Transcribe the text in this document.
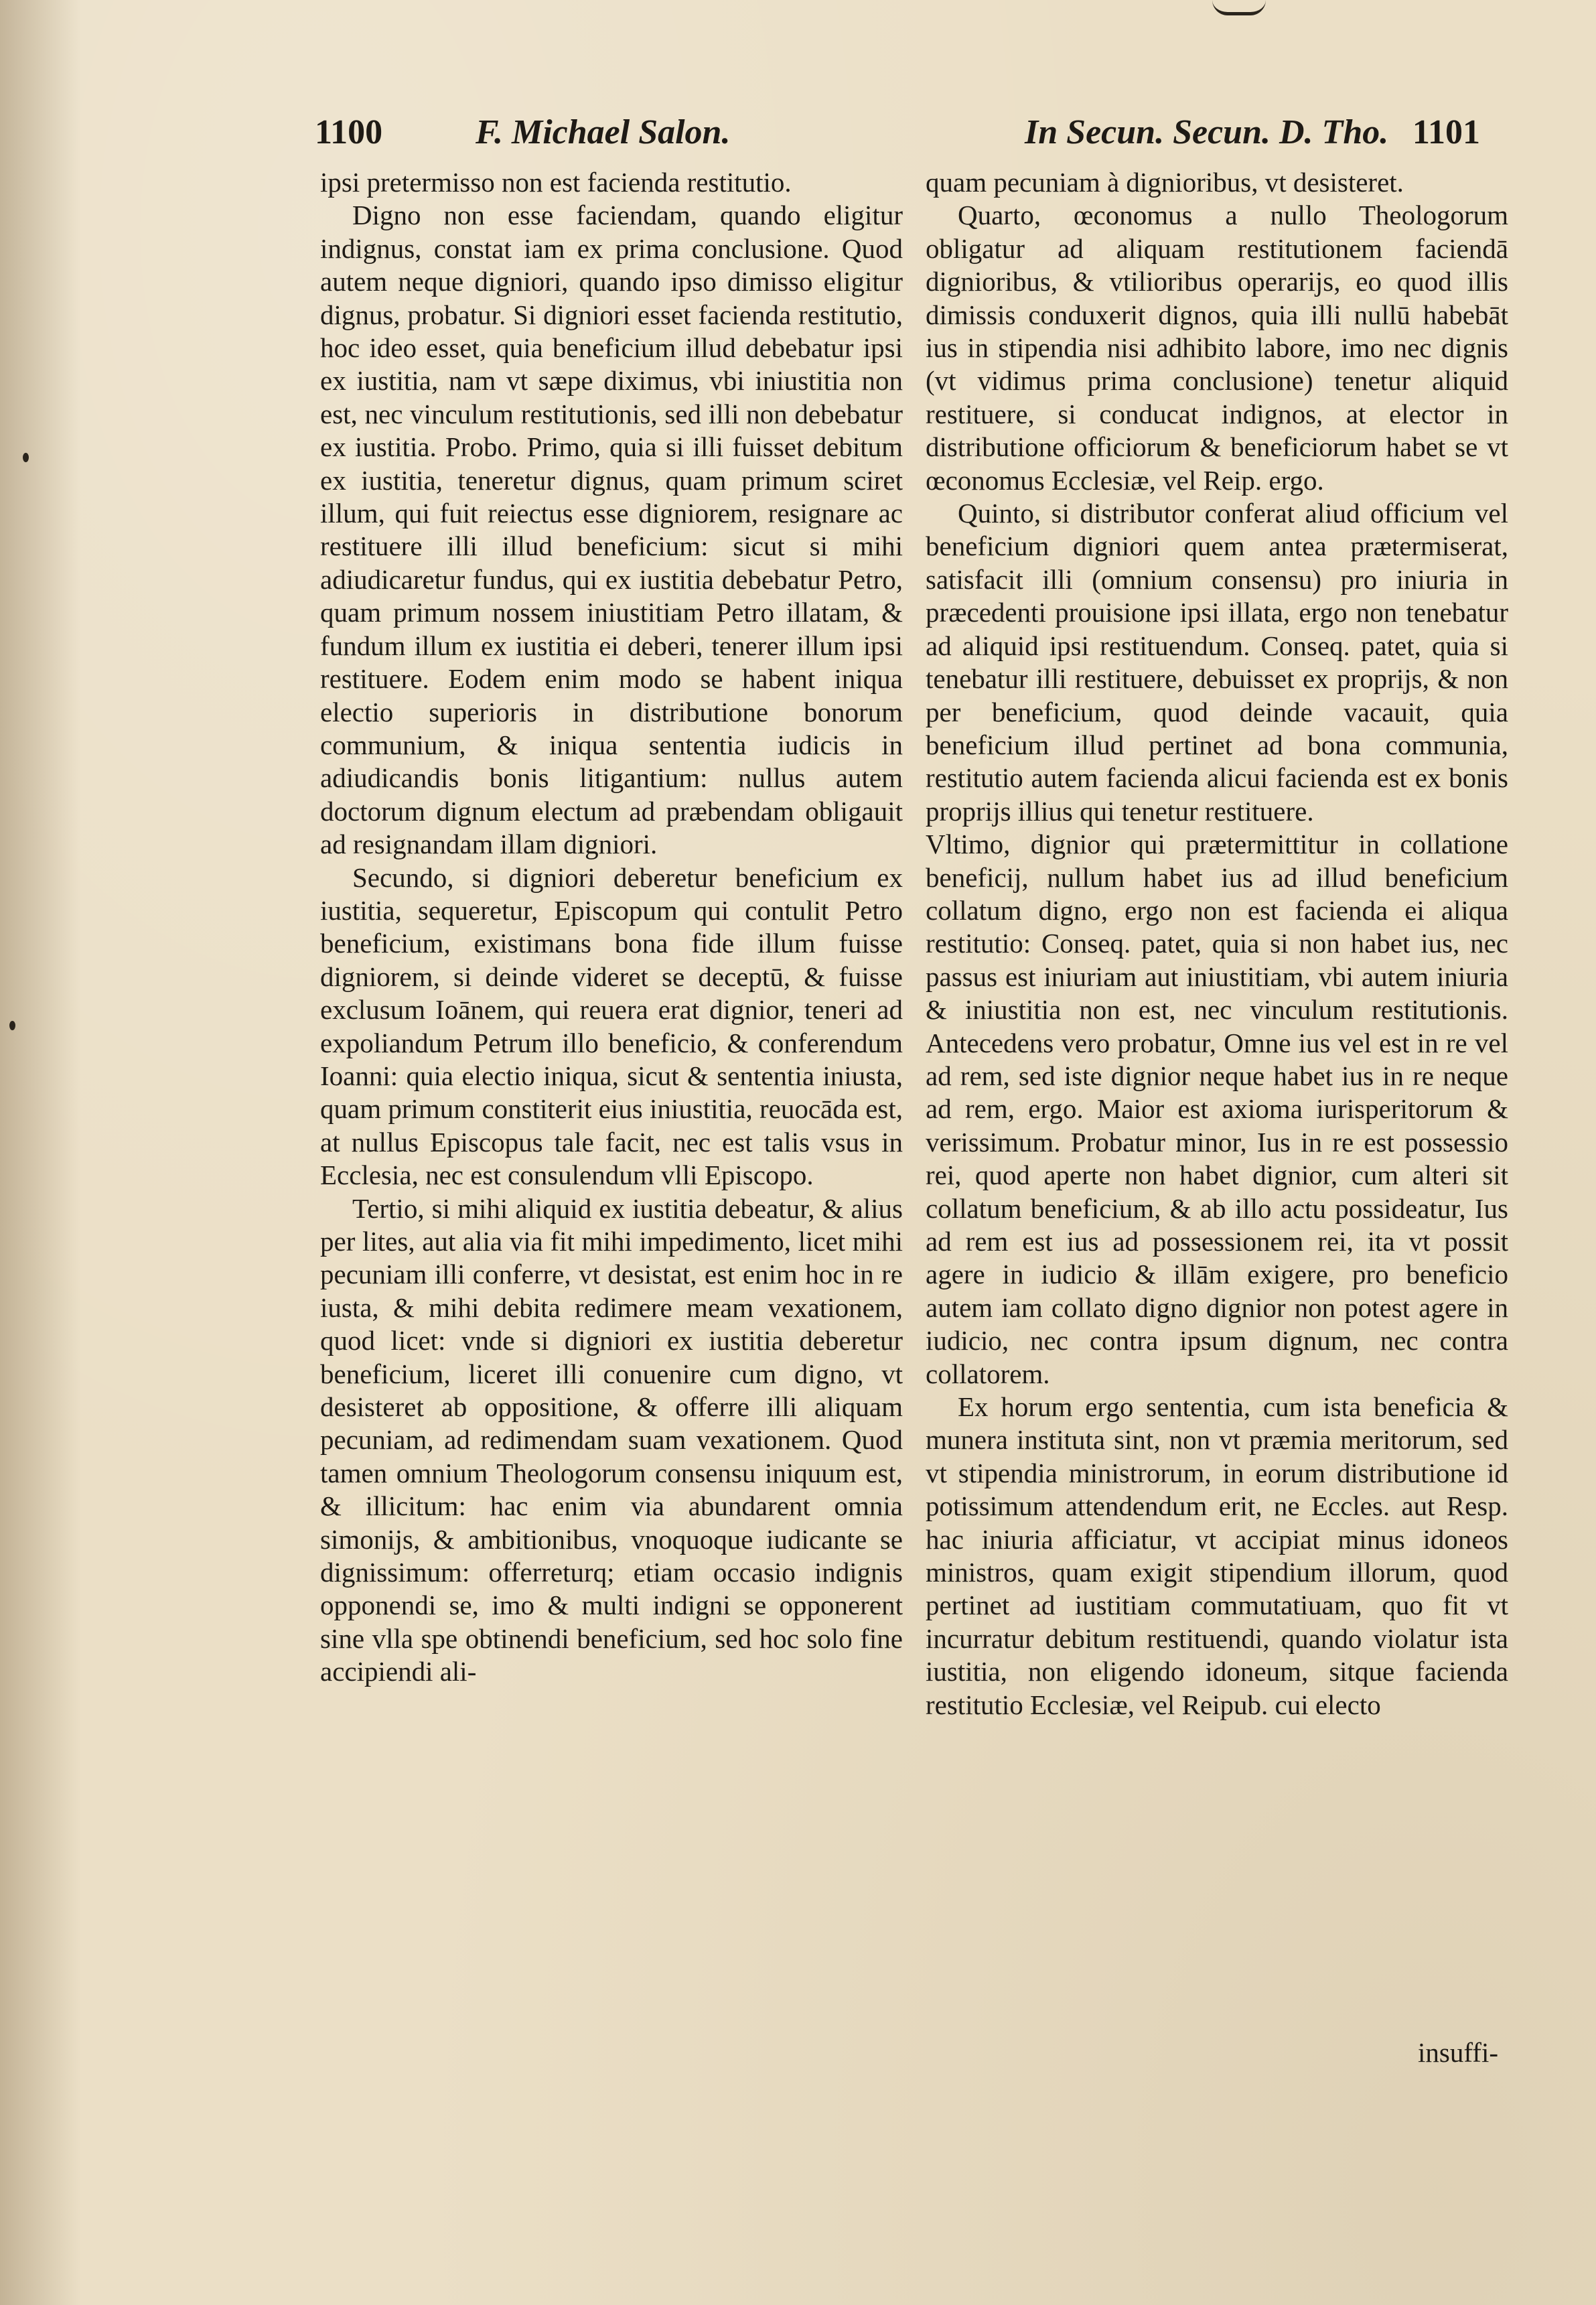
1100	F. Michael Salon.	In Secun. Secun. D. Tho. 1101

ipsi pretermisso non est facienda restitutio.

Digno non esse faciendam, quando eligitur indignus, constat iam ex prima conclusione. Quod autem neque digniori, quando ipso dimisso eligitur dignus, probatur. Si digniori esset facienda restitutio, hoc ideo esset, quia beneficium illud debebatur ipsi ex iustitia, nam vt sæpe diximus, vbi iniustitia non est, nec vinculum restitutionis, sed illi non debebatur ex iustitia. Probo. Primo, quia si illi fuisset debitum ex iustitia, teneretur dignus, quam primum sciret illum, qui fuit reiectus esse digniorem, resignare ac restituere illi illud beneficium: sicut si mihi adiudicaretur fundus, qui ex iustitia debebatur Petro, quam primum nossem iniustitiam Petro illatam, & fundum illum ex iustitia ei deberi, tenerer illum ipsi restituere. Eodem enim modo se habent iniqua electio superioris in distributione bonorum communium, & iniqua sententia iudicis in adiudicandis bonis litigantium: nullus autem doctorum dignum electum ad præbendam obligauit ad resignandam illam digniori.

Secundo, si digniori deberetur beneficium ex iustitia, sequeretur, Episcopum qui contulit Petro beneficium, existimans bona fide illum fuisse digniorem, si deinde videret se deceptū, & fuisse exclusum Ioānem, qui reuera erat dignior, teneri ad expoliandum Petrum illo beneficio, & conferendum Ioanni: quia electio iniqua, sicut & sententia iniusta, quam primum constiterit eius iniustitia, reuocāda est, at nullus Episcopus tale facit, nec est talis vsus in Ecclesia, nec est consulendum vlli Episcopo.

Tertio, si mihi aliquid ex iustitia debeatur, & alius per lites, aut alia via fit mihi impedimento, licet mihi pecuniam illi conferre, vt desistat, est enim hoc in re iusta, & mihi debita redimere meam vexationem, quod licet: vnde si digniori ex iustitia deberetur beneficium, liceret illi conuenire cum digno, vt desisteret ab oppositione, & offerre illi aliquam pecuniam, ad redimendam suam vexationem. Quod tamen omnium Theologorum consensu iniquum est, & illicitum: hac enim via abundarent omnia simonijs, & ambitionibus, vnoquoque iudicante se dignissimum: offerreturq; etiam occasio indignis opponendi se, imo & multi indigni se opponerent sine vlla spe obtinendi beneficium, sed hoc solo fine accipiendi ali-

quam pecuniam à dignioribus, vt desisteret.

Quarto, œconomus a nullo Theologorum obligatur ad aliquam restitutionem faciendā dignioribus, & vtilioribus operarijs, eo quod illis dimissis conduxerit dignos, quia illi nullū habebāt ius in stipendia nisi adhibito labore, imo nec dignis (vt vidimus prima conclusione) tenetur aliquid restituere, si conducat indignos, at elector in distributione officiorum & beneficiorum habet se vt œconomus Ecclesiæ, vel Reip. ergo.

Quinto, si distributor conferat aliud officium vel beneficium digniori quem antea prætermiserat, satisfacit illi (omnium consensu) pro iniuria in præcedenti prouisione ipsi illata, ergo non tenebatur ad aliquid ipsi restituendum. Conseq. patet, quia si tenebatur illi restituere, debuisset ex proprijs, & non per beneficium, quod deinde vacauit, quia beneficium illud pertinet ad bona communia, restitutio autem facienda alicui facienda est ex bonis proprijs illius qui tenetur restituere.

Vltimo, dignior qui prætermittitur in collatione beneficij, nullum habet ius ad illud beneficium collatum digno, ergo non est facienda ei aliqua restitutio: Conseq. patet, quia si non habet ius, nec passus est iniuriam aut iniustitiam, vbi autem iniuria & iniustitia non est, nec vinculum restitutionis. Antecedens vero probatur, Omne ius vel est in re vel ad rem, sed iste dignior neque habet ius in re neque ad rem, ergo. Maior est axioma iurisperitorum & verissimum. Probatur minor, Ius in re est possessio rei, quod aperte non habet dignior, cum alteri sit collatum beneficium, & ab illo actu possideatur, Ius ad rem est ius ad possessionem rei, ita vt possit agere in iudicio & illām exigere, pro beneficio autem iam collato digno dignior non potest agere in iudicio, nec contra ipsum dignum, nec contra collatorem.

Ex horum ergo sententia, cum ista beneficia & munera instituta sint, non vt præmia meritorum, sed vt stipendia ministrorum, in eorum distributione id potissimum attendendum erit, ne Eccles. aut Resp. hac iniuria afficiatur, vt accipiat minus idoneos ministros, quam exigit stipendium illorum, quod pertinet ad iustitiam commutatiuam, quo fit vt incurratur debitum restituendi, quando violatur ista iustitia, non eligendo idoneum, sitque facienda restitutio Ecclesiæ, vel Reipub. cui electo

insuffi-
